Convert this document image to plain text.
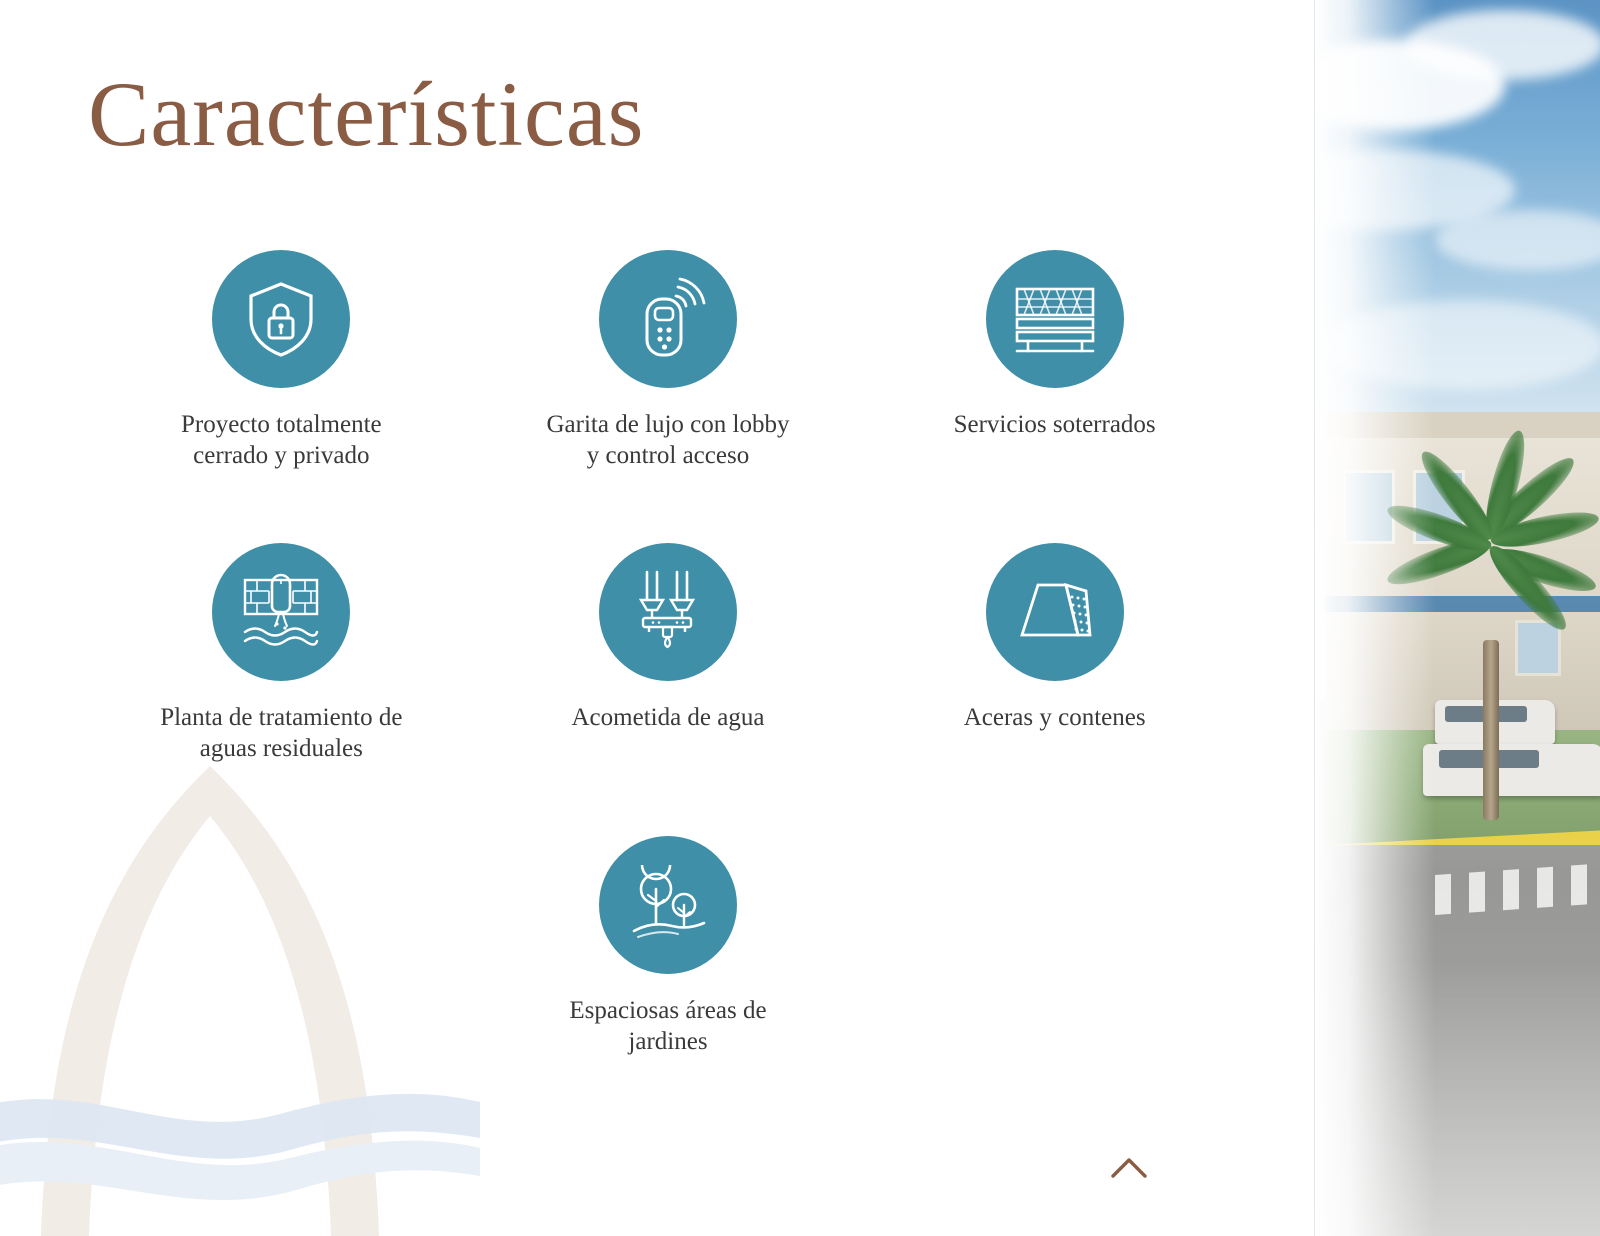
Características
Proyecto totalmente
cerrado y privado
Garita de lujo con lobby
y control acceso
Servicios soterrados
Planta de tratamiento de
aguas residuales
Acometida de agua	Aceras y contenes
Espaciosas áreas de
jardines
